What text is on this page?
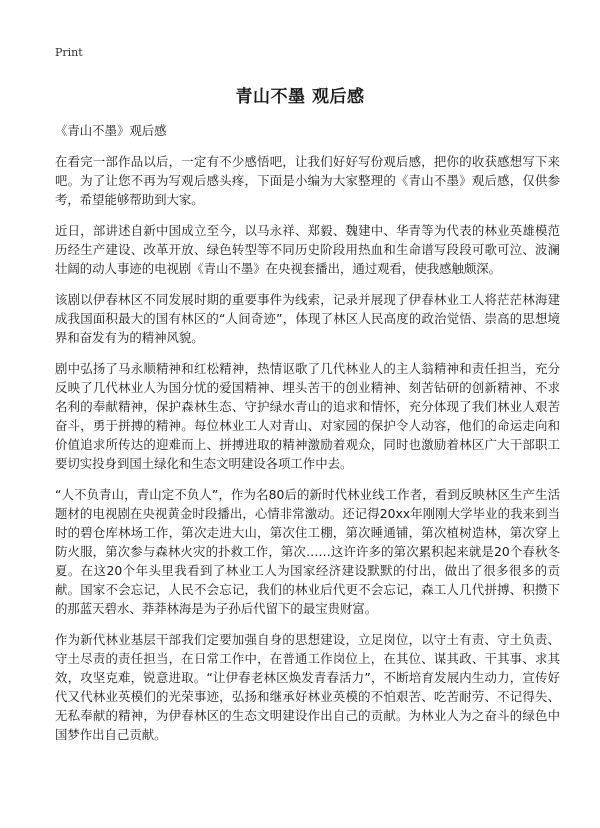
Print
青山不墨 观后感

《青山不墨》观后感

在看完一部作品以后，一定有不少感悟吧，让我们好好写份观后感，把你的收获感想写下来吧。为了让您不再为写观后感头疼，下面是小编为大家整理的《青山不墨》观后感，仅供参考，希望能够帮助到大家。

近日，部讲述自新中国成立至今，以马永祥、郑毅、魏建中、华青等为代表的林业英雄模范历经生产建设、改革开放、绿色转型等不同历史阶段用热血和生命谱写段段可歌可泣、波澜壮阔的动人事迹的电视剧《青山不墨》在央视套播出，通过观看，使我感触颇深。

该剧以伊春林区不同发展时期的重要事件为线索，记录并展现了伊春林业工人将茫茫林海建成我国面积最大的国有林区的“人间奇迹”，体现了林区人民高度的政治觉悟、崇高的思想境界和奋发有为的精神风貌。

剧中弘扬了马永顺精神和红松精神，热情讴歌了几代林业人的主人翁精神和责任担当，充分反映了几代林业人为国分忧的爱国精神、埋头苦干的创业精神、刻苦钻研的创新精神、不求名利的奉献精神，保护森林生态、守护绿水青山的追求和情怀，充分体现了我们林业人艰苦奋斗，勇于拼搏的精神。每位林业工人对青山、对家园的保护令人动容，他们的命运走向和价值追求所传达的迎难而上、拼搏进取的精神激励着观众，同时也激励着林区广大干部职工要切实投身到国土绿化和生态文明建设各项工作中去。

“人不负青山，青山定不负人”，作为名80后的新时代林业线工作者，看到反映林区生产生活题材的电视剧在央视黄金时段播出，心情非常激动。还记得20xx年刚刚大学毕业的我来到当时的碧仓库林场工作，第次走进大山，第次住工棚，第次睡通铺，第次植树造林，第次穿上防火服，第次参与森林火灾的扑救工作，第次……这许许多的第次累积起来就是20个春秋冬夏。在这20个年头里我看到了林业工人为国家经济建设默默的付出，做出了很多很多的贡献。国家不会忘记，人民不会忘记，我们的林业后代更不会忘记，森工人几代拼搏、积攒下的那蓝天碧水、莽莽林海是为子孙后代留下的最宝贵财富。

作为新代林业基层干部我们定要加强自身的思想建设，立足岗位，以守土有责、守土负责、守土尽责的责任担当，在日常工作中，在普通工作岗位上，在其位、谋其政、干其事、求其效，攻坚克难，锐意进取。“让伊春老林区焕发青春活力”，不断培育发展内生动力，宣传好代又代林业英模们的光荣事迹，弘扬和继承好林业英模的不怕艰苦、吃苦耐劳、不记得失、无私奉献的精神，为伊春林区的生态文明建设作出自己的贡献。为林业人为之奋斗的绿色中国梦作出自己贡献。
